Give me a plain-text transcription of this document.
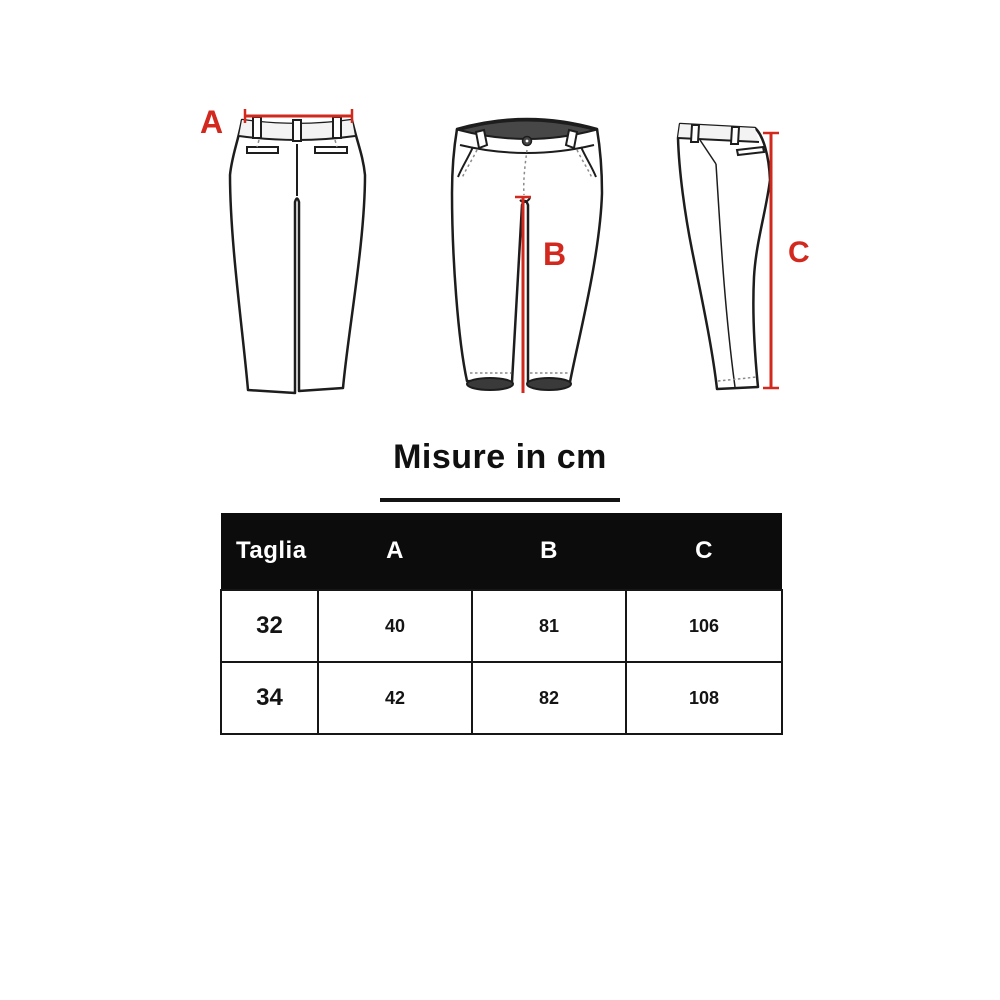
A
B	C
Misure in cm
Taglia	A	B	C
32	40	81	106
34	42	82	108
